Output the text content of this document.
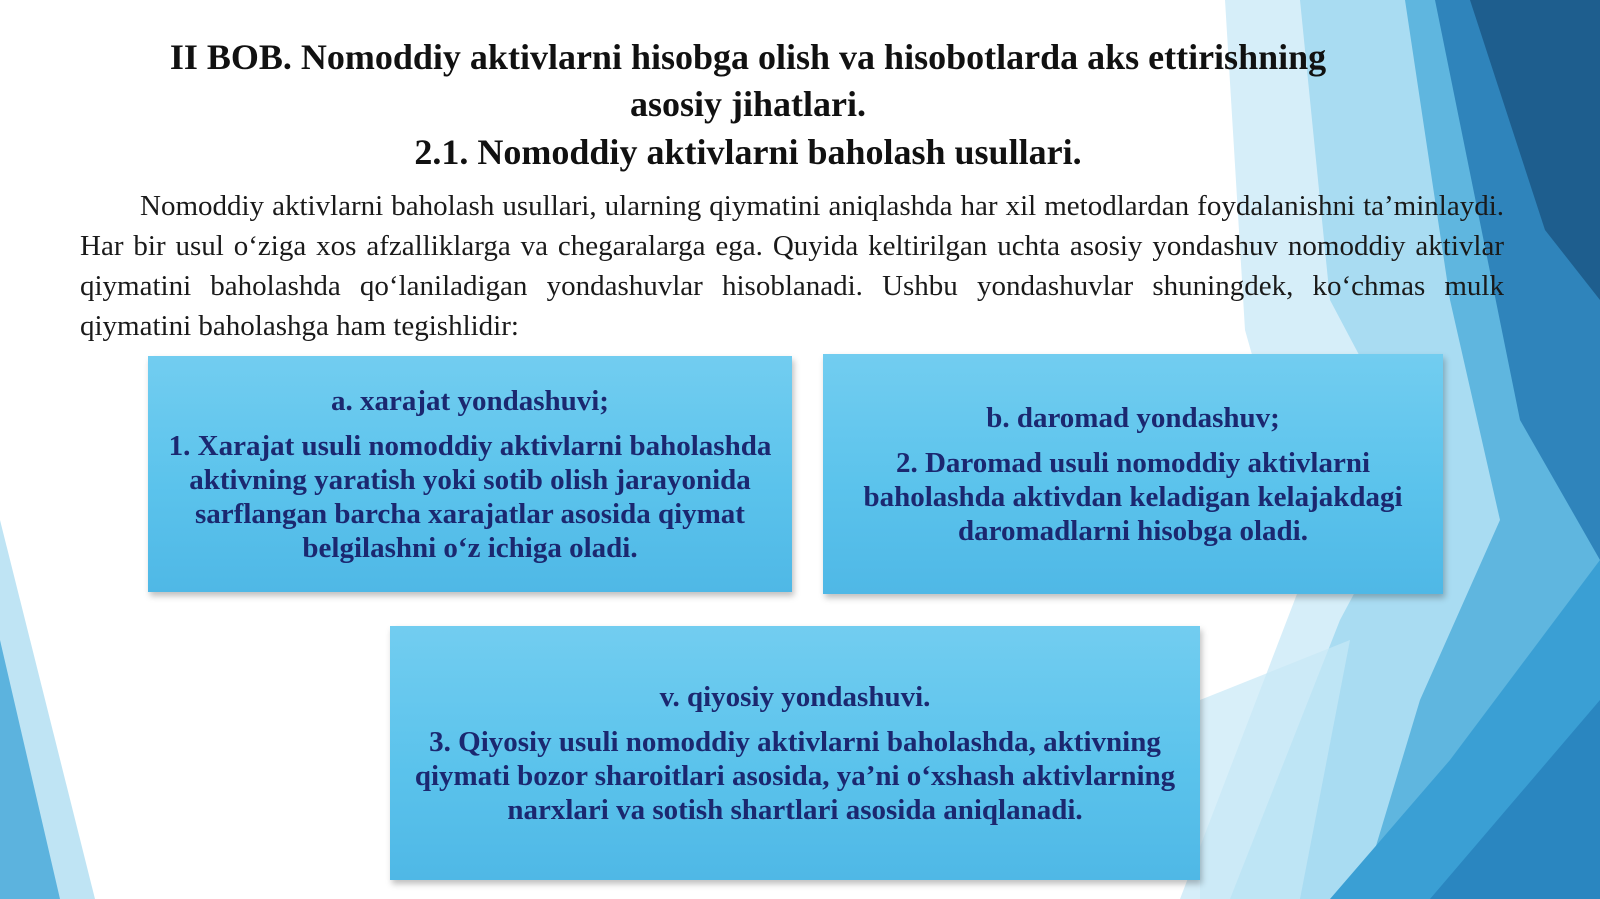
II BOB. Nomoddiy aktivlarni hisobga olish va hisobotlarda aks ettirishning
asosiy jihatlari.
2.1. Nomoddiy aktivlarni baholash usullari.

Nomoddiy aktivlarni baholash usullari, ularning qiymatini aniqlashda har xil metodlardan foydalanishni ta’minlaydi. Har bir usul o‘ziga xos afzalliklarga va chegaralarga ega. Quyida keltirilgan uchta asosiy yondashuv nomoddiy aktivlar qiymatini baholashda qo‘laniladigan yondashuvlar hisoblanadi. Ushbu yondashuvlar shuningdek, ko‘chmas mulk qiymatini baholashga ham tegishlidir:

a. xarajat yondashuvi;

1. Xarajat usuli nomoddiy aktivlarni baholashda aktivning yaratish yoki sotib olish jarayonida sarflangan barcha xarajatlar asosida qiymat belgilashni o‘z ichiga oladi.

b. daromad yondashuv;

2. Daromad usuli nomoddiy aktivlarni baholashda aktivdan keladigan kelajakdagi daromadlarni hisobga oladi.

v. qiyosiy yondashuvi.

3. Qiyosiy usuli nomoddiy aktivlarni baholashda, aktivning qiymati bozor sharoitlari asosida, ya’ni o‘xshash aktivlarning narxlari va sotish shartlari asosida aniqlanadi.
